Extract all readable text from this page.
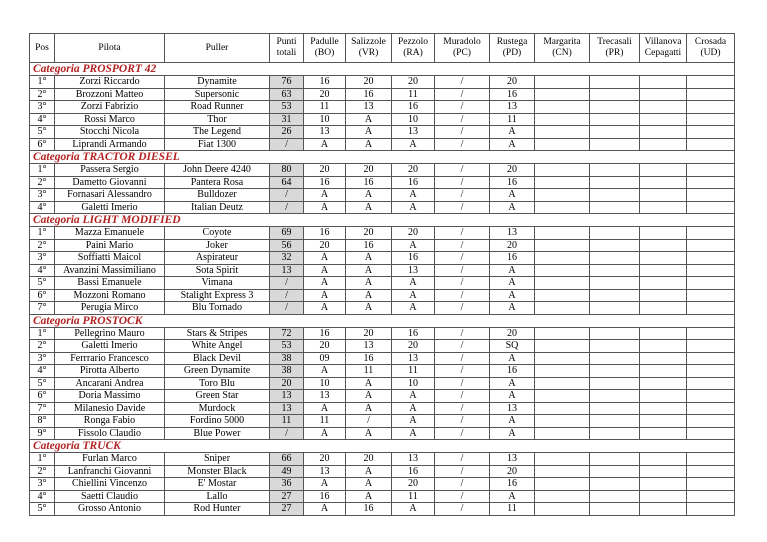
Pos	Pilota	Puller	Punti totali	Padulle (BO)	Salizzole (VR)	Pezzolo (RA)	Muradolo (PC)	Rustega (PD)	Margarita (CN)	Trecasali (PR)	Villanova Cepagatti	Crosada (UD)
Categoria PROSPORT 42												
1°	Zorzi Riccardo	Dynamite	76	16	20	20	/	20				
2°	Brozzoni Matteo	Supersonic	63	20	16	11	/	16				
3°	Zorzi Fabrizio	Road Runner	53	11	13	16	/	13				
4°	Rossi Marco	Thor	31	10	A	10	/	11				
5°	Stocchi Nicola	The Legend	26	13	A	13	/	A				
6°	Liprandi Armando	Fiat 1300	/	A	A	A	/	A				
Categoria TRACTOR DIESEL												
1°	Passera Sergio	John Deere 4240	80	20	20	20	/	20				
2°	Dametto Giovanni	Pantera Rosa	64	16	16	16	/	16				
3°	Fornasari Alessandro	Bulldozer	/	A	A	A	/	A				
4°	Galetti Imerio	Italian Deutz	/	A	A	A	/	A				
Categoria LIGHT MODIFIED												
1°	Mazza Emanuele	Coyote	69	16	20	20	/	13				
2°	Paini Mario	Joker	56	20	16	A	/	20				
3°	Soffiatti Maicol	Aspirateur	32	A	A	16	/	16				
4°	Avanzini Massimiliano	Sota Spirit	13	A	A	13	/	A				
5°	Bassi Emanuele	Vimana	/	A	A	A	/	A				
6°	Mozzoni Romano	Stalight Express 3	/	A	A	A	/	A				
7°	Perugia Mirco	Blu Tornado	/	A	A	A	/	A				
Categoria PROSTOCK												
1°	Pellegrino Mauro	Stars & Stripes	72	16	20	16	/	20				
2°	Galetti Imerio	White Angel	53	20	13	20	/	SQ				
3°	Ferrrario Francesco	Black Devil	38	09	16	13	/	A				
4°	Pirotta Alberto	Green Dynamite	38	A	11	11	/	16				
5°	Ancarani Andrea	Toro Blu	20	10	A	10	/	A				
6°	Doria Massimo	Green Star	13	13	A	A	/	A				
7°	Milanesio Davide	Murdock	13	A	A	A	/	13				
8°	Ronga Fabio	Fordino 5000	11	11	/	A	/	A				
9°	Fissolo Claudio	Blue Power	/	A	A	A	/	A				
Categoria TRUCK												
1°	Furlan Marco	Sniper	66	20	20	13	/	13				
2°	Lanfranchi Giovanni	Monster Black	49	13	A	16	/	20				
3°	Chiellini Vincenzo	E' Mostar	36	A	A	20	/	16				
4°	Saetti Claudio	Lallo	27	16	A	11	/	A				
5°	Grosso Antonio	Rod Hunter	27	A	16	A	/	11				
